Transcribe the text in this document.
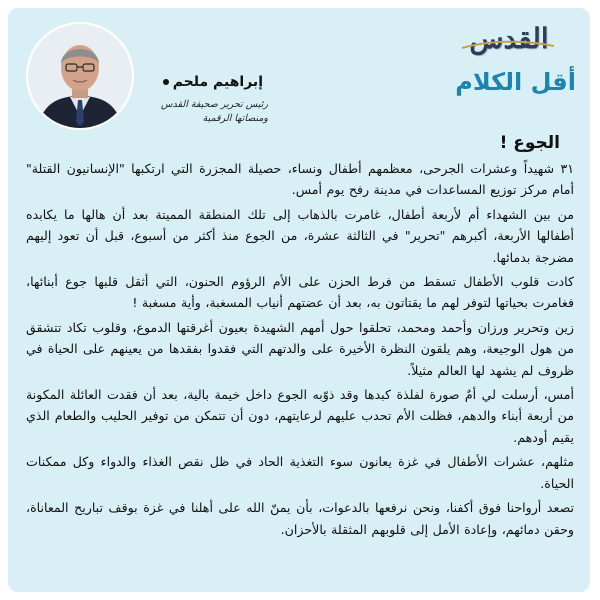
إبراهيم ملحم
رئيس تحرير صحيفة القدس
ومنصاتها الرقمية
القدس
أقل الكلام
الجوع !

٣١ شهيداً وعشرات الجرحى، معظمهم أطفال ونساء، حصيلة المجزرة التي ارتكبها "الإنسانيون القتلة" أمام مركز توزيع المساعدات في مدينة رفح يوم أمس.

من بين الشهداء أم لأربعة أطفال، غامرت بالذهاب إلى تلك المنطقة المميتة بعد أن هالها ما يكابده أطفالها الأربعة، أكبرهم "تحرير" في الثالثة عشرة، من الجوع منذ أكثر من أسبوع، قبل أن تعود إليهم مضرجة بدمائها.

كادت قلوب الأطفال تسقط من فرط الحزن على الأم الرؤوم الحنون، التي أثقل قلبها جوع أبنائها، فغامرت بحياتها لتوفر لهم ما يقتاتون به، بعد أن عضتهم أنياب المسغبة، وأية مسغبة !

زين وتحرير ورزان وأحمد ومحمد، تحلقوا حول أمهم الشهيدة بعيون أغرقتها الدموع، وقلوب تكاد تتشقق من هول الوجيعة، وهم يلقون النظرة الأخيرة على والدتهم التي فقدوا بفقدها من يعينهم على الحياة في ظروف لم يشهد لها العالم مثيلاً.

أمس، أرسلت لي أمٌ صورة لفلذة كبدها وقد ذوّبه الجوع داخل خيمة بالية، بعد أن فقدت العائلة المكونة من أربعة أبناء والدهم، فظلت الأم تحدب عليهم لرعايتهم، دون أن تتمكن من توفير الحليب والطعام الذي يقيم أودهم.

مثلهم، عشرات الأطفال في غزة يعانون سوء التغذية الحاد في ظل نقص الغذاء والدواء وكل ممكنات الحياة.

تصعد أرواحنا فوق أكفنا، ونحن نرفعها بالدعوات، بأن يمنّ الله على أهلنا في غزة بوقف تباريح المعاناة، وحقن دمائهم، وإعادة الأمل إلى قلوبهم المثقلة بالأحزان.
